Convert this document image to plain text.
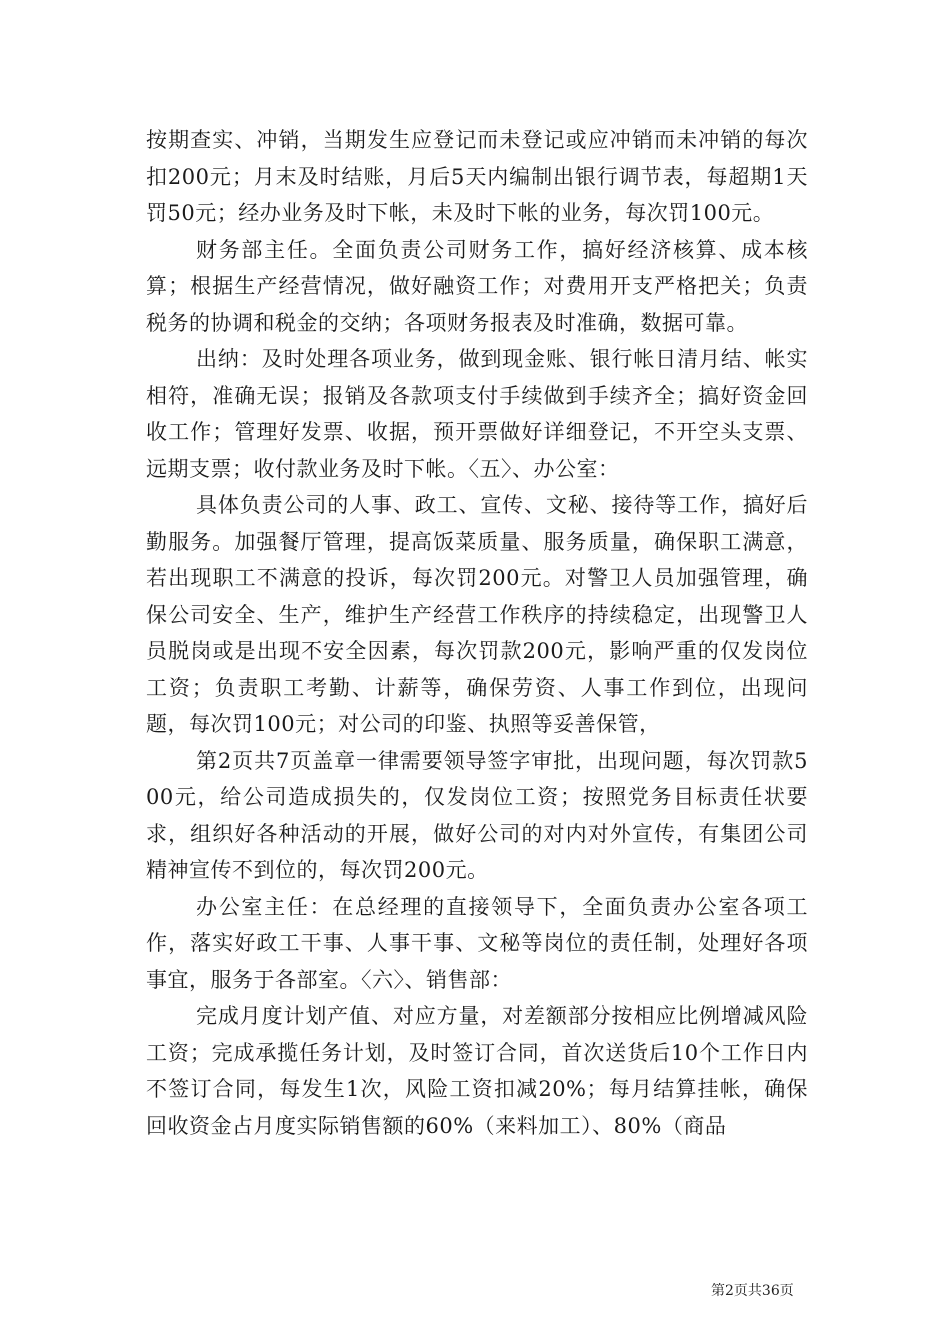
按期查实、冲销，当期发生应登记而未登记或应冲销而未冲销的每次扣200元；月末及时结账，月后5天内编制出银行调节表，每超期1天罚50元；经办业务及时下帐，未及时下帐的业务，每次罚100元。

财务部主任。全面负责公司财务工作，搞好经济核算、成本核算；根据生产经营情况，做好融资工作；对费用开支严格把关；负责税务的协调和税金的交纳；各项财务报表及时准确，数据可靠。

出纳：及时处理各项业务，做到现金账、银行帐日清月结、帐实相符，准确无误；报销及各款项支付手续做到手续齐全；搞好资金回收工作；管理好发票、收据，预开票做好详细登记，不开空头支票、远期支票；收付款业务及时下帐。〈五〉、办公室：

具体负责公司的人事、政工、宣传、文秘、接待等工作，搞好后勤服务。加强餐厅管理，提高饭菜质量、服务质量，确保职工满意，若出现职工不满意的投诉，每次罚200元。对警卫人员加强管理，确保公司安全、生产，维护生产经营工作秩序的持续稳定，出现警卫人员脱岗或是出现不安全因素，每次罚款200元，影响严重的仅发岗位工资；负责职工考勤、计薪等，确保劳资、人事工作到位，出现问题，每次罚100元；对公司的印鉴、执照等妥善保管，

第2页共7页盖章一律需要领导签字审批，出现问题，每次罚款500元，给公司造成损失的，仅发岗位工资；按照党务目标责任状要求，组织好各种活动的开展，做好公司的对内对外宣传，有集团公司精神宣传不到位的，每次罚200元。

办公室主任：在总经理的直接领导下，全面负责办公室各项工作，落实好政工干事、人事干事、文秘等岗位的责任制，处理好各项事宜，服务于各部室。〈六〉、销售部：

完成月度计划产值、对应方量，对差额部分按相应比例增减风险工资；完成承揽任务计划，及时签订合同，首次送货后10个工作日内不签订合同，每发生1次，风险工资扣减20%；每月结算挂帐，确保回收资金占月度实际销售额的60%（来料加工）、80%（商品

第2页共36页
